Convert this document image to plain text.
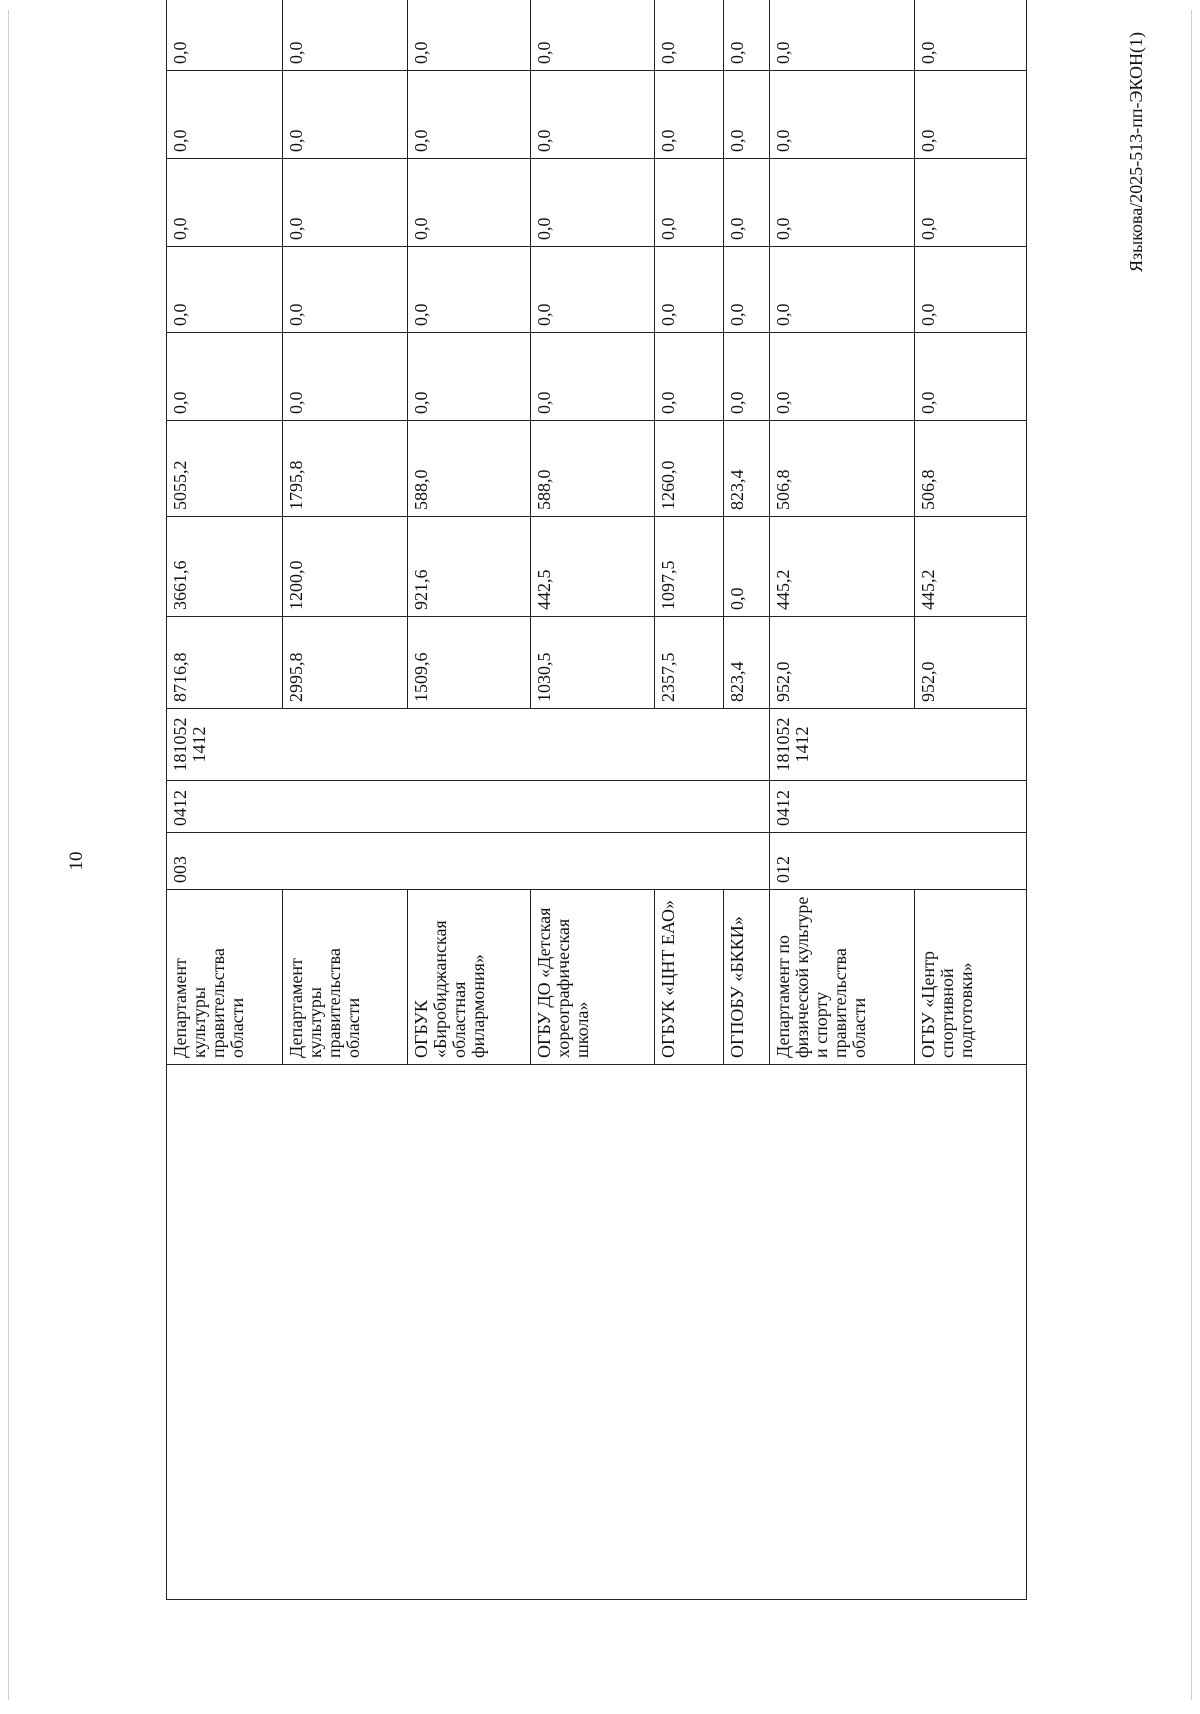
10
Языкова/2025-513-пп-ЭКОН(1)
	Департамент культуры правительства области	003	0412	181052 1412	8716,8	3661,6	5055,2	0,0	0,0	0,0	0,0	0,0
	Департамент культуры правительства области				2995,8	1200,0	1795,8	0,0	0,0	0,0	0,0	0,0
	ОГБУК «Биробиджанская областная филармония»				1509,6	921,6	588,0	0,0	0,0	0,0	0,0	0,0
	ОГБУ ДО «Детская хореографическая школа»				1030,5	442,5	588,0	0,0	0,0	0,0	0,0	0,0
	ОГБУК «ЦНТ ЕАО»				2357,5	1097,5	1260,0	0,0	0,0	0,0	0,0	0,0
	ОГПОБУ «БККИ»				823,4	0,0	823,4	0,0	0,0	0,0	0,0	0,0
	Департамент по физической культуре и спорту правительства области	012	0412	181052 1412	952,0	445,2	506,8	0,0	0,0	0,0	0,0	0,0
	ОГБУ «Центр спортивной подготовки»				952,0	445,2	506,8	0,0	0,0	0,0	0,0	0,0
